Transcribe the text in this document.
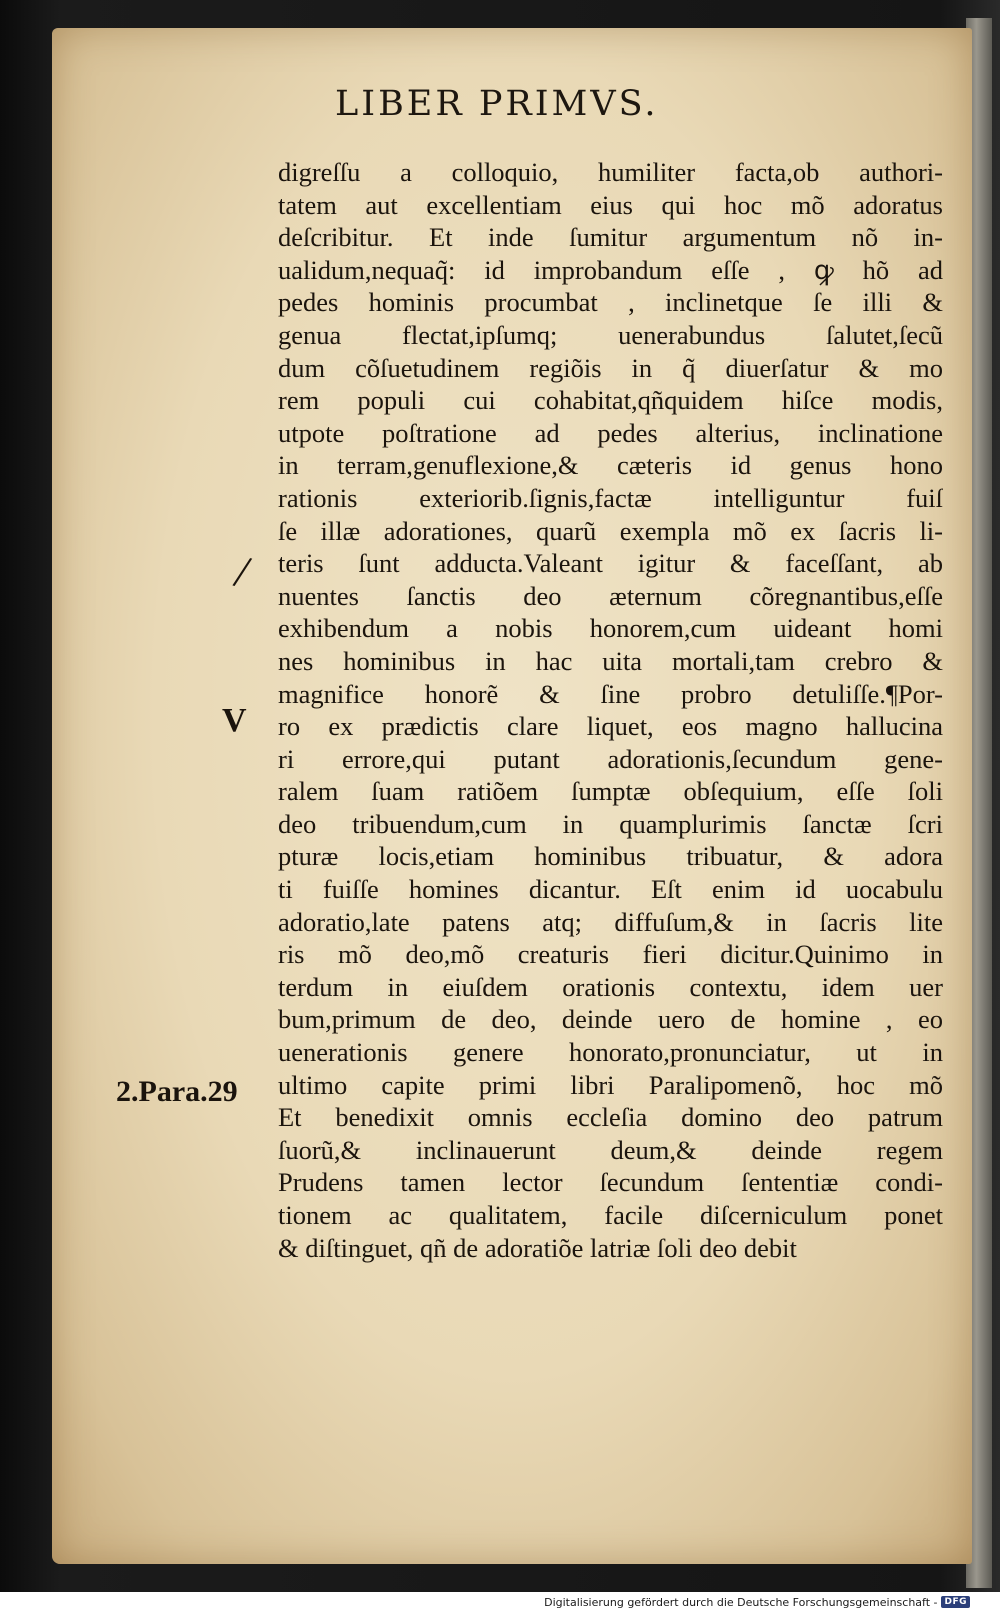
LIBER PRIMVS.
/
V
2.Para.29
digreſſu a colloquio, humiliter facta,ob authori-
tatem aut excellentiam eius qui hoc mõ adoratus
deſcribitur. Et inde ſumitur argumentum nõ in-
ualidum,nequaq̃: id improbandum eſſe , ꝙ hõ ad
pedes hominis procumbat , inclinetque ſe illi &
genua flectat,ipſumq; uenerabundus ſalutet,ſecũ
dum cõſuetudinem regiõis in q̃ diuerſatur & mo
rem populi cui cohabitat,qñquidem hiſce modis,
utpote poſtratione ad pedes alterius, inclinatione
in terram,genuflexione,& cæteris id genus hono
rationis exteriorib.ſignis,factæ intelliguntur fuiſ
ſe illæ adorationes, quarũ exempla mõ ex ſacris li-
teris ſunt adducta.Valeant igitur & faceſſant, ab
nuentes ſanctis deo æternum cõregnantibus,eſſe
exhibendum a nobis honorem,cum uideant homi
nes hominibus in hac uita mortali,tam crebro &
magnifice honorẽ & ſine probro detuliſſe.¶Por-
ro ex prædictis clare liquet, eos magno hallucina
ri errore,qui putant adorationis,ſecundum gene-
ralem ſuam ratiõem ſumptæ obſequium, eſſe ſoli
deo tribuendum,cum in quamplurimis ſanctæ ſcri
pturæ locis,etiam hominibus tribuatur, & adora
ti fuiſſe homines dicantur. Eſt enim id uocabulu
adoratio,late patens atq; diffuſum,& in ſacris lite
ris mõ deo,mõ creaturis fieri dicitur.Quinimo in
terdum in eiuſdem orationis contextu, idem uer
bum,primum de deo, deinde uero de homine , eo
uenerationis genere honorato,pronunciatur, ut in
ultimo capite primi libri Paralipomenõ, hoc mõ
Et benedixit omnis eccleſia domino deo patrum
ſuorũ,& inclinauerunt deum,& deinde regem
Prudens tamen lector ſecundum ſententiæ condi-
tionem ac qualitatem, facile diſcerniculum ponet
& diſtinguet, qñ de adoratiõe latriæ ſoli deo debit
Digitalisierung gefördert durch die Deutsche Forschungsgemeinschaft - DFG
